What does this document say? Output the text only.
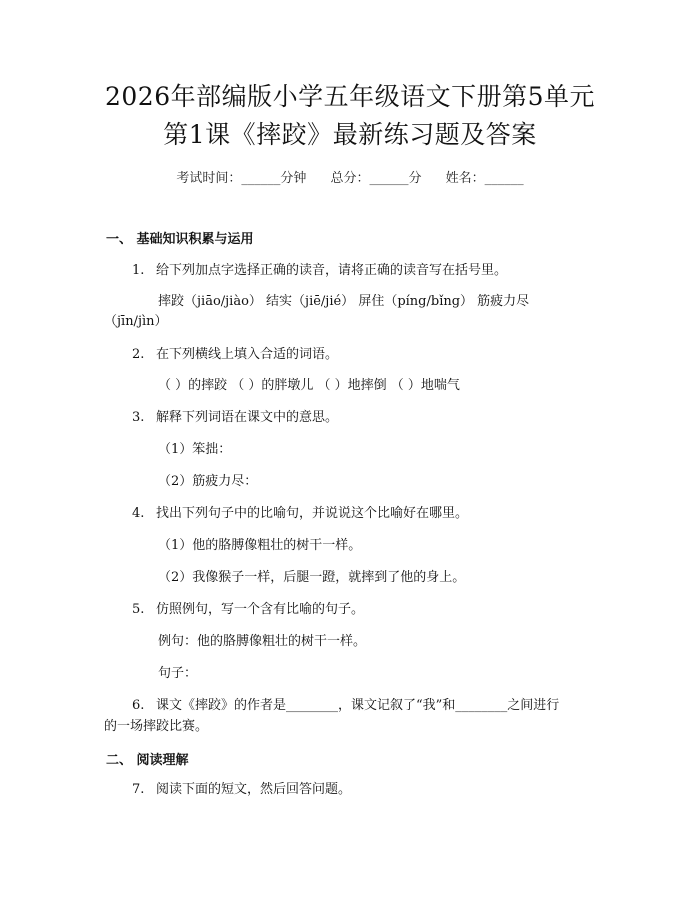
2026年部编版小学五年级语文下册第5单元
第1课《摔跤》最新练习题及答案
考试时间：______分钟 总分：______分 姓名：______
一、 基础知识积累与运用
1. 给下列加点字选择正确的读音，请将正确的读音写在括号里。
摔跤（jiāo/jiào） 结实（jiē/jié） 屏住（píng/bǐng） 筋疲力尽
（jīn/jìn）
2. 在下列横线上填入合适的词语。
（ ）的摔跤 （ ）的胖墩儿 （ ）地摔倒 （ ）地喘气
3. 解释下列词语在课文中的意思。
（1）笨拙：
（2）筋疲力尽：
4. 找出下列句子中的比喻句，并说说这个比喻好在哪里。
（1）他的胳膊像粗壮的树干一样。
（2）我像猴子一样，后腿一蹬，就摔到了他的身上。
5. 仿照例句，写一个含有比喻的句子。
例句：他的胳膊像粗壮的树干一样。
句子：
6. 课文《摔跤》的作者是________，课文记叙了“我”和________之间进行
的一场摔跤比赛。
二、 阅读理解
7. 阅读下面的短文，然后回答问题。
